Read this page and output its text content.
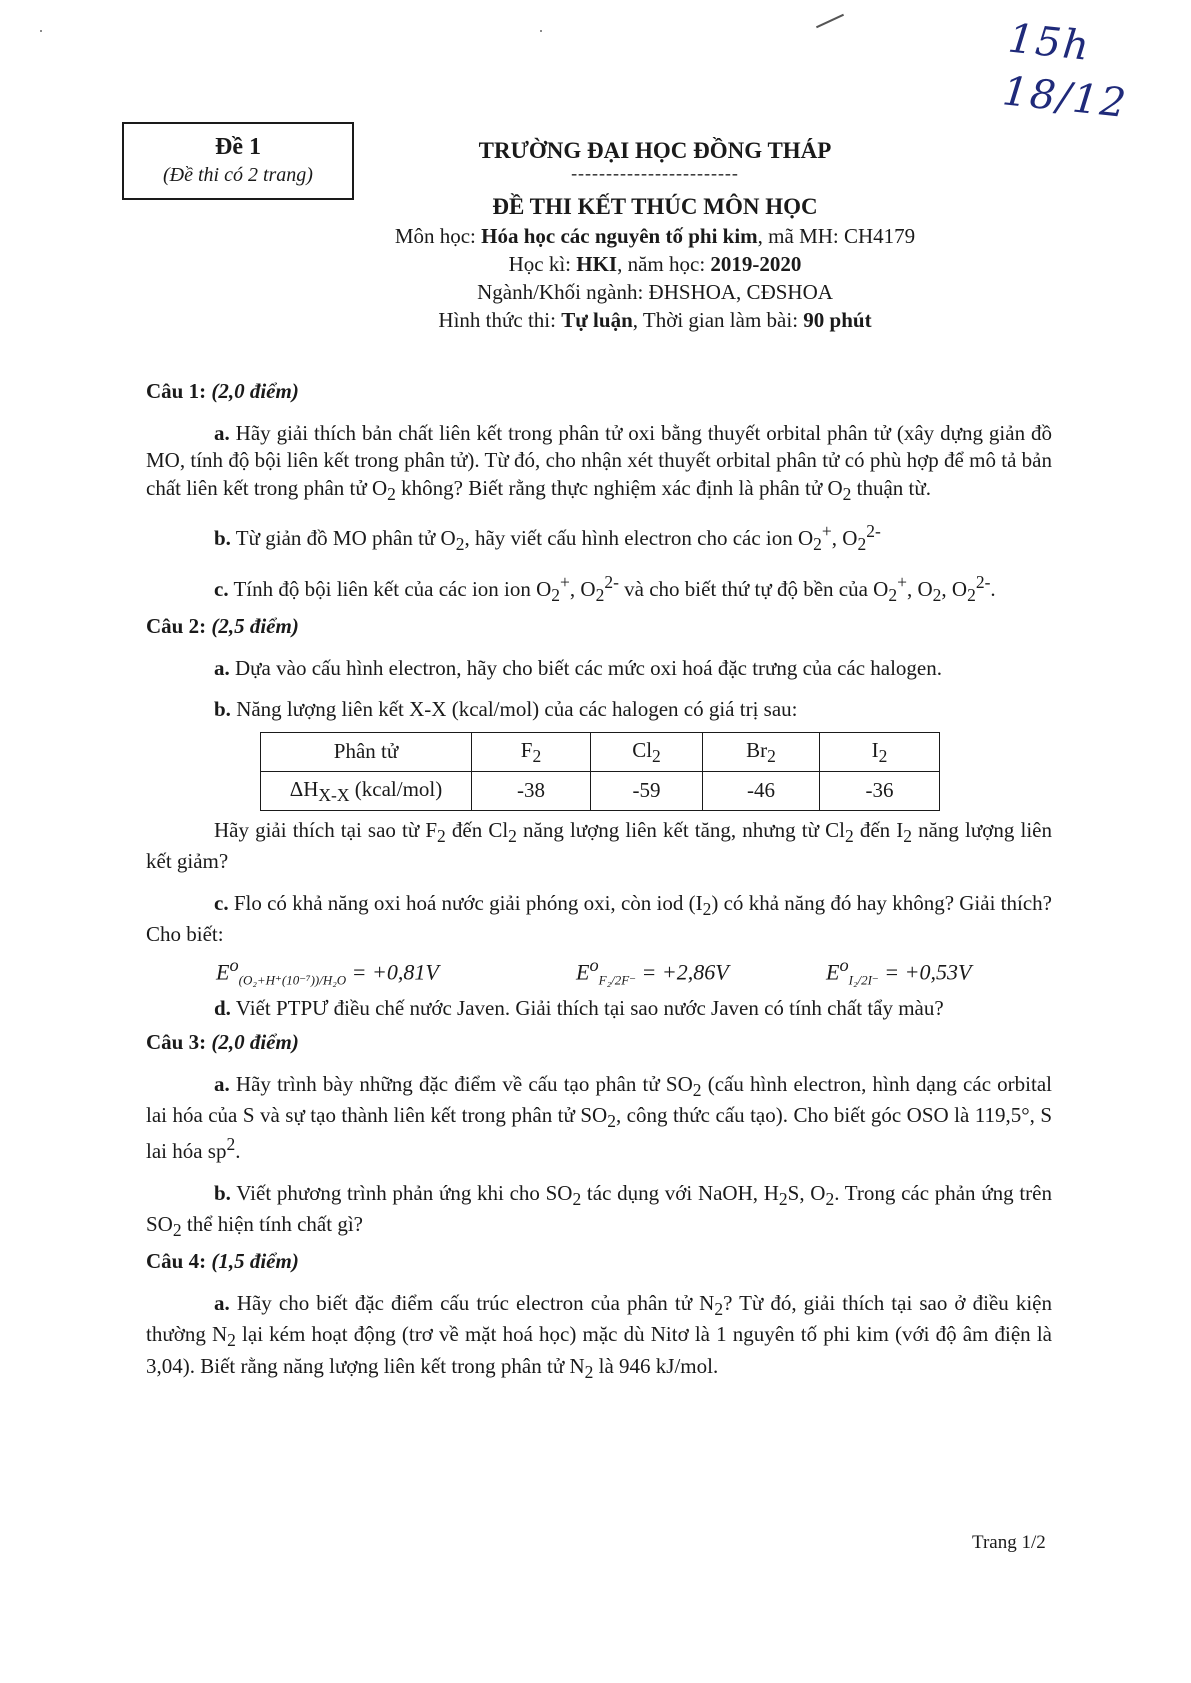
15h 18/12
Đề 1
(Đề thi có 2 trang)
TRƯỜNG ĐẠI HỌC ĐỒNG THÁP
------------------------
ĐỀ THI KẾT THÚC MÔN HỌC
Môn học: Hóa học các nguyên tố phi kim, mã MH: CH4179
Học kì: HKI, năm học: 2019-2020
Ngành/Khối ngành: ĐHSHOA, CĐSHOA
Hình thức thi: Tự luận, Thời gian làm bài: 90 phút

Câu 1: (2,0 điểm)

a. Hãy giải thích bản chất liên kết trong phân tử oxi bằng thuyết orbital phân tử (xây dựng giản đồ MO, tính độ bội liên kết trong phân tử). Từ đó, cho nhận xét thuyết orbital phân tử có phù hợp để mô tả bản chất liên kết trong phân tử $O_2$ không? Biết rằng thực nghiệm xác định là phân tử $O_2$ thuận từ.

b. Từ giản đồ MO phân tử $O_2$, hãy viết cấu hình electron cho các ion $O_2^+$, $O_2^{2-}$

c. Tính độ bội liên kết của các ion ion $O_2^+$, $O_2^{2-}$ và cho biết thứ tự độ bền của $O_2^+$, $O_2$, $O_2^{2-}$.

Câu 2: (2,5 điểm)

a. Dựa vào cấu hình electron, hãy cho biết các mức oxi hoá đặc trưng của các halogen.

b. Năng lượng liên kết X-X (kcal/mol) của các halogen có giá trị sau:

Phân tử	$F_2$	$Cl_2$	$Br_2$	$I_2$
$\Delta H_{X-X}$ (kcal/mol)	-38	-59	-46	-36

Hãy giải thích tại sao từ $F_2$ đến $Cl_2$ năng lượng liên kết tăng, nhưng từ $Cl_2$ đến $I_2$ năng lượng liên kết giảm?

c. Flo có khả năng oxi hoá nước giải phóng oxi, còn iod $(I_2)$ có khả năng đó hay không? Giải thích? Cho biết:

$E^o_{(O_2+H^+(10^{-7}))/H_2O} = +0,81V$	$E^o_{F_2/2F^-} = +2,86V$	$E^o_{I_2/2I^-} = +0,53V$

d. Viết PTPƯ điều chế nước Javen. Giải thích tại sao nước Javen có tính chất tẩy màu?

Câu 3: (2,0 điểm)

a. Hãy trình bày những đặc điểm về cấu tạo phân tử $SO_2$ (cấu hình electron, hình dạng các orbital lai hóa của S và sự tạo thành liên kết trong phân tử $SO_2$, công thức cấu tạo). Cho biết góc OSO là 119,5°, S lai hóa $sp^2$.

b. Viết phương trình phản ứng khi cho $SO_2$ tác dụng với NaOH, $H_2S$, $O_2$. Trong các phản ứng trên $SO_2$ thể hiện tính chất gì?

Câu 4: (1,5 điểm)

a. Hãy cho biết đặc điểm cấu trúc electron của phân tử $N_2$? Từ đó, giải thích tại sao ở điều kiện thường $N_2$ lại kém hoạt động (trơ về mặt hoá học) mặc dù Nitơ là 1 nguyên tố phi kim (với độ âm điện là 3,04). Biết rằng năng lượng liên kết trong phân tử $N_2$ là 946 kJ/mol.

Trang 1/2
